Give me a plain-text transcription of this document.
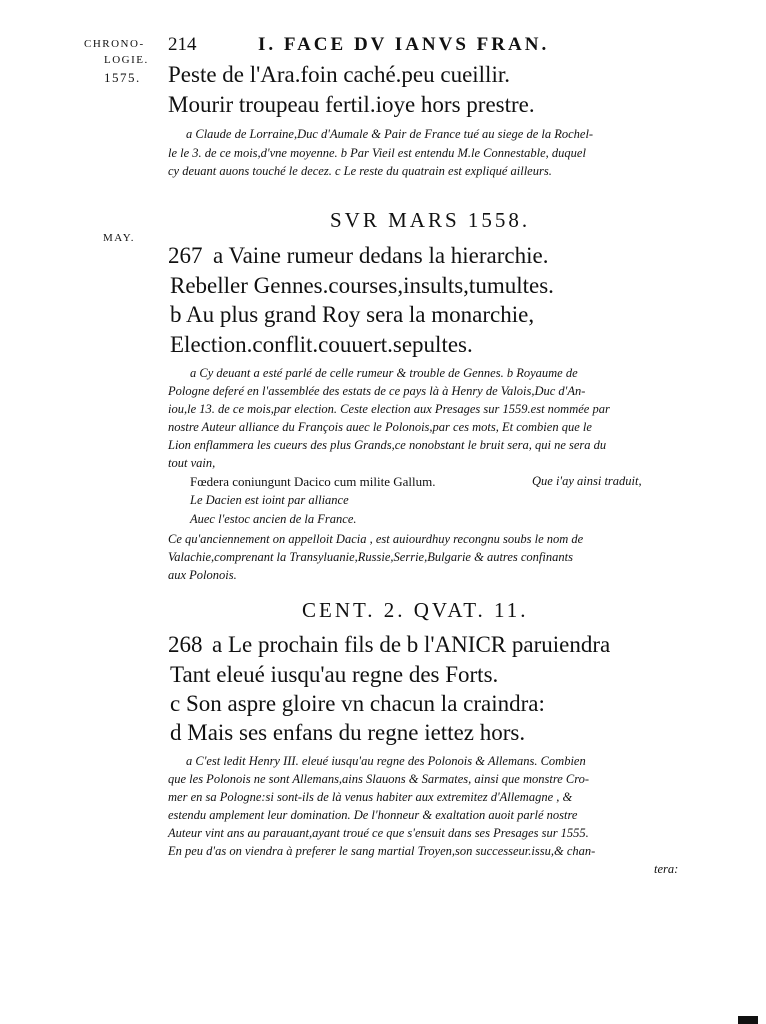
CHRONO-
LOGIE.
1575.
MAY.
214	I. FACE DV IANVS FRAN.
Peste de l'Ara.foin caché.peu cueillir.
Mourir troupeau fertil.ioye hors prestre.
a Claude de Lorraine,Duc d'Aumale & Pair de France tué au siege de la Rochel-
le le 3. de ce mois,d'vne moyenne. b Par Vieil est entendu M.le Connestable, duquel
cy deuant auons touché le decez. c Le reste du quatrain est expliqué ailleurs.
SVR MARS 1558.
267 a Vaine rumeur dedans la hierarchie.
Rebeller Gennes.courses,insults,tumultes.
b Au plus grand Roy sera la monarchie,
Election.conflit.couuert.sepultes.
a Cy deuant a esté parlé de celle rumeur & trouble de Gennes. b Royaume de
Pologne deferé en l'assemblée des estats de ce pays là à Henry de Valois,Duc d'An-
iou,le 13. de ce mois,par election. Ceste election aux Presages sur 1559.est nommée par
nostre Auteur alliance du François auec le Polonois,par ces mots, Et combien que le
Lion enflammera les cueurs des plus Grands,ce nonobstant le bruit sera, qui ne sera du
tout vain,
Fœdera coniungunt Dacico cum milite Gallum.	Que i'ay ainsi traduit,
Le Dacien est ioint par alliance
Auec l'estoc ancien de la France.
Ce qu'anciennement on appelloit Dacia , est auiourdhuy recongnu soubs le nom de
Valachie,comprenant la Transyluanie,Russie,Serrie,Bulgarie & autres confinants
aux Polonois.
CENT. 2. QVAT. 11.
268 a Le prochain fils de b l'ANICR paruiendra
Tant eleué iusqu'au regne des Forts.
c Son aspre gloire vn chacun la craindra:
d Mais ses enfans du regne iettez hors.
a C'est ledit Henry III. eleué iusqu'au regne des Polonois & Allemans. Combien
que les Polonois ne sont Allemans,ains Slauons & Sarmates, ainsi que monstre Cro-
mer en sa Pologne:si sont-ils de là venus habiter aux extremitez d'Allemagne , &
estendu amplement leur domination. De l'honneur & exaltation auoit parlé nostre
Auteur vint ans au parauant,ayant troué ce que s'ensuit dans ses Presages sur 1555.
En peu d'as on viendra à preferer le sang martial Troyen,son successeur.issu,& chan-
tera:
